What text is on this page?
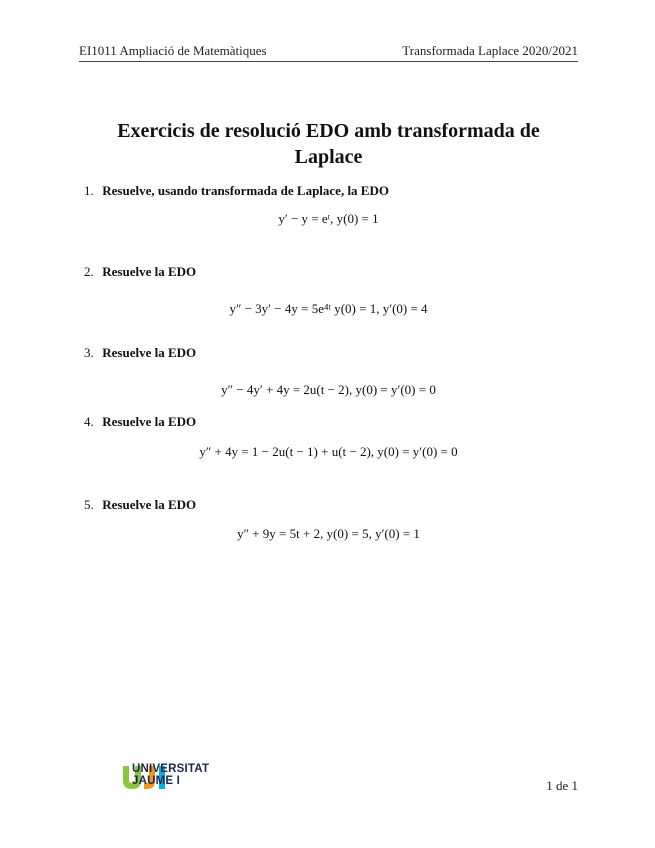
EI1011 Ampliació de Matemàtiques	Transformada Laplace 2020/2021
Exercicis de resolució EDO amb transformada de
Laplace
1. Resuelve, usando transformada de Laplace, la EDO
y′ − y = eᵗ, y(0) = 1
2. Resuelve la EDO
y″ − 3y′ − 4y = 5e⁴ᵗ y(0) = 1, y′(0) = 4
3. Resuelve la EDO
y″ − 4y′ + 4y = 2u(t − 2), y(0) = y′(0) = 0
4. Resuelve la EDO
y″ + 4y = 1 − 2u(t − 1) + u(t − 2), y(0) = y′(0) = 0
5. Resuelve la EDO
y″ + 9y = 5t + 2, y(0) = 5, y′(0) = 1
UNIVERSITAT
JAUME I	1 de 1
